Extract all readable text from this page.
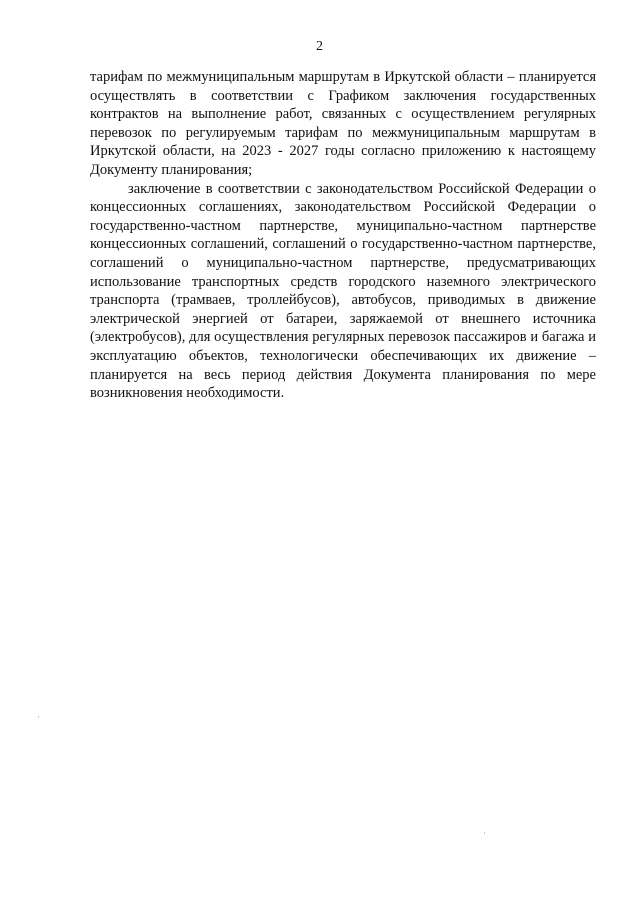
2

тарифам по межмуниципальным маршрутам в Иркутской области – планируется осуществлять в соответствии с Графиком заключения государственных контрактов на выполнение работ, связанных с осуществлением регулярных перевозок по регулируемым тарифам по межмуниципальным маршрутам в Иркутской области, на 2023 - 2027 годы согласно приложению к настоящему Документу планирования;

заключение в соответствии с законодательством Российской Федерации о концессионных соглашениях, законодательством Российской Федерации о государственно-частном партнерстве, муниципально-частном партнерстве концессионных соглашений, соглашений о государственно-частном партнерстве, соглашений о муниципально-частном партнерстве, предусматривающих использование транспортных средств городского наземного электрического транспорта (трамваев, троллейбусов), автобусов, приводимых в движение электрической энергией от батареи, заряжаемой от внешнего источника (электробусов), для осуществления регулярных перевозок пассажиров и багажа и эксплуатацию объектов, технологически обеспечивающих их движение – планируется на весь период действия Документа планирования по мере возникновения необходимости.
